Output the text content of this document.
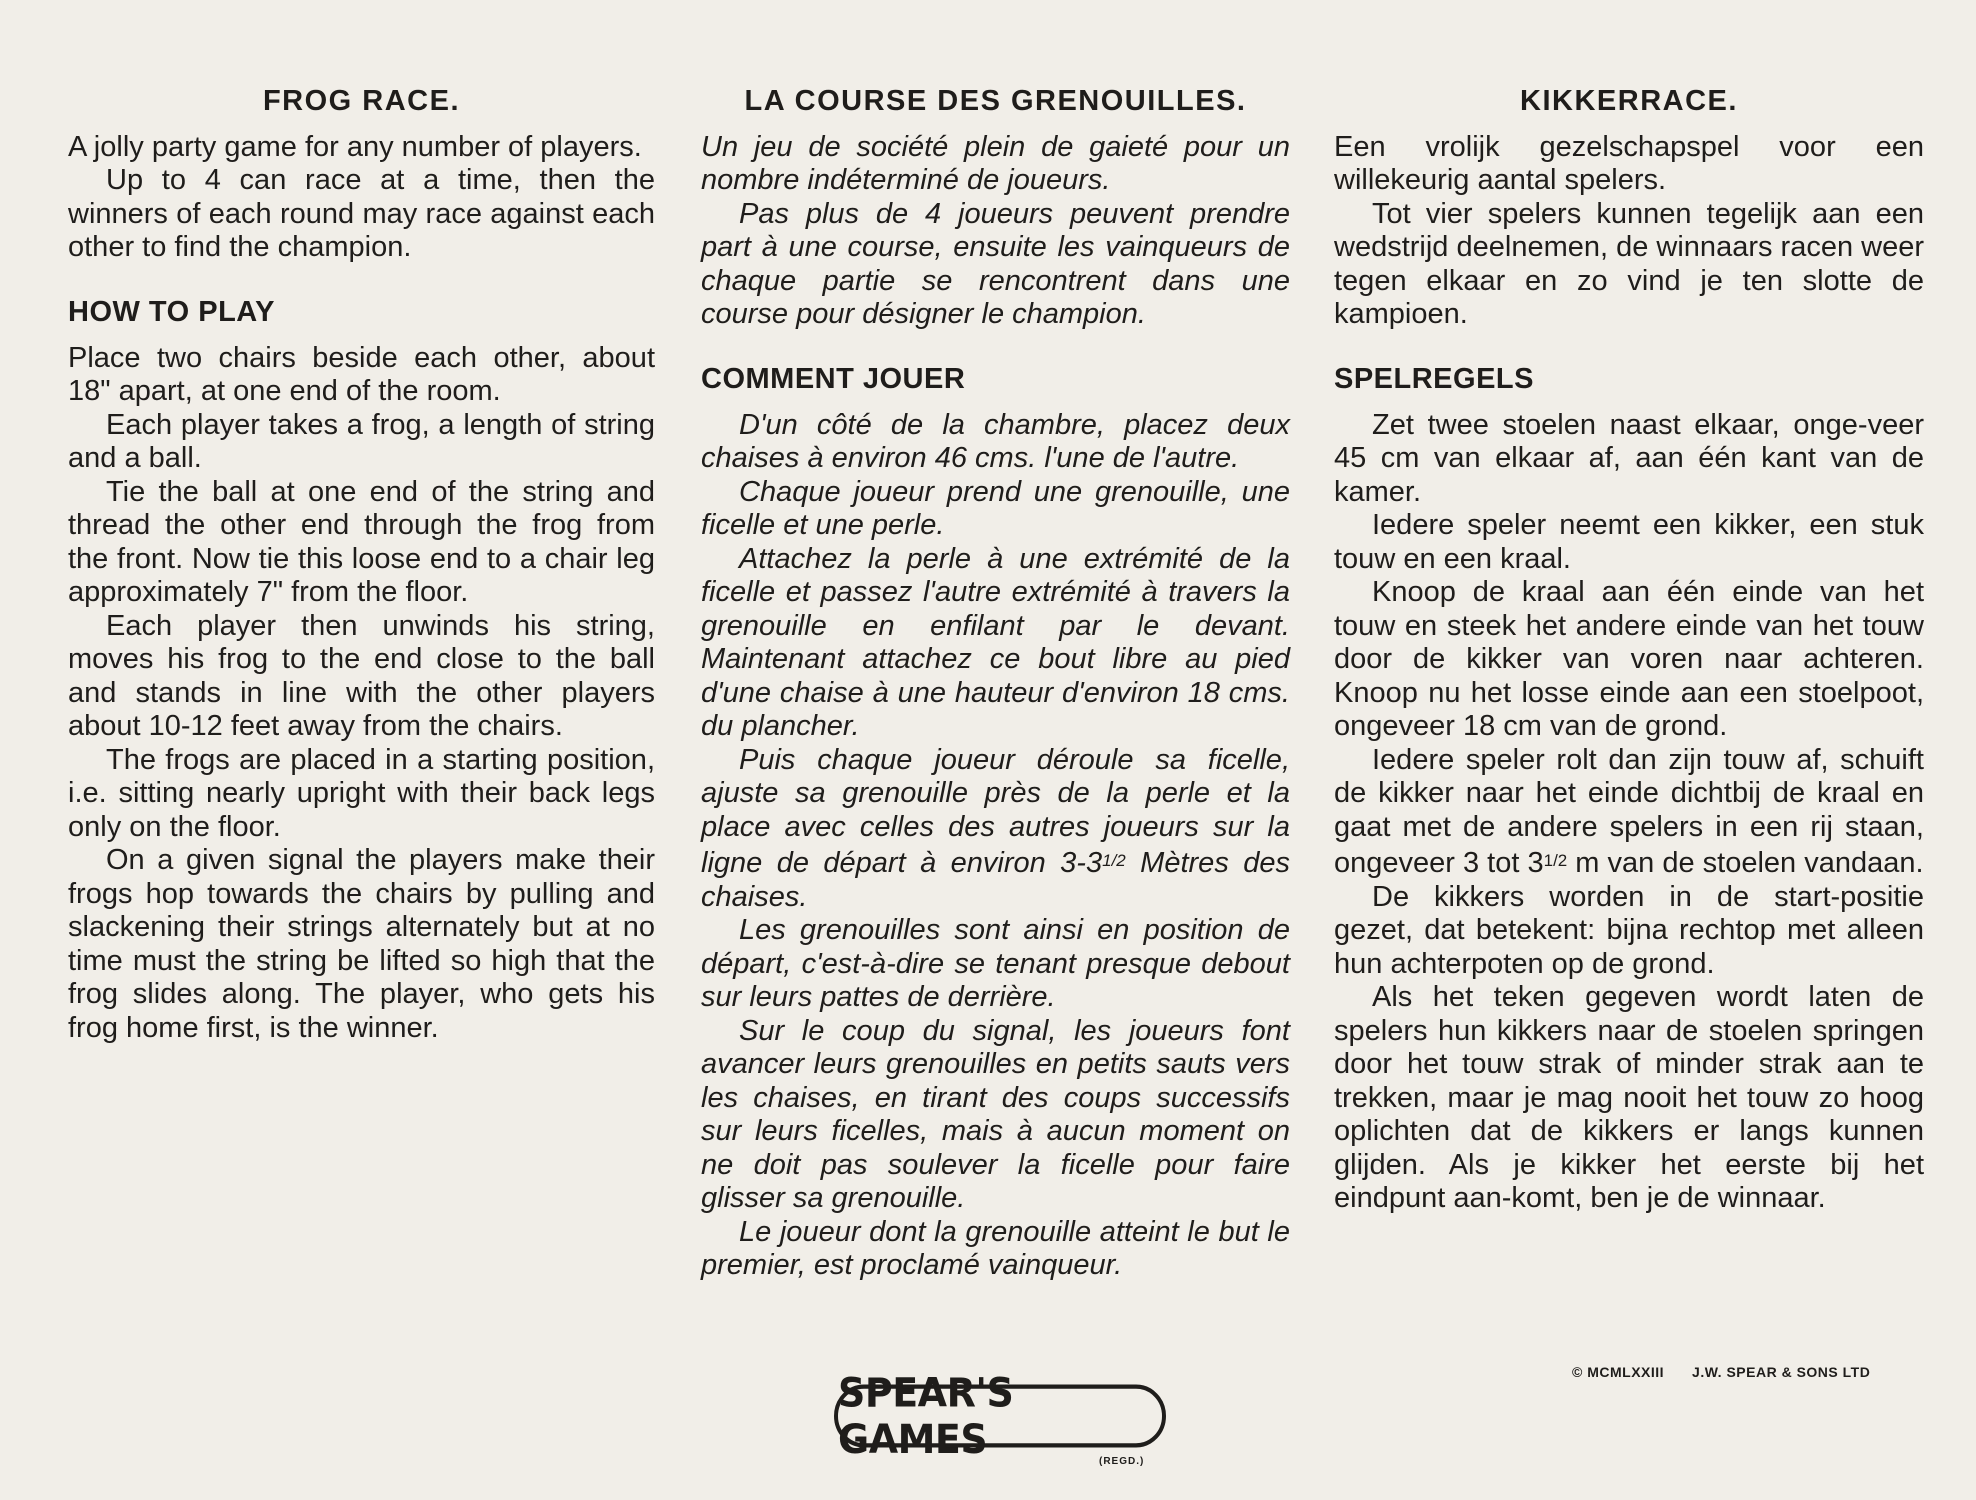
FROG RACE.

A jolly party game for any number of players.

Up to 4 can race at a time, then the winners of each round may race against each other to find the champion.

HOW TO PLAY

Place two chairs beside each other, about 18" apart, at one end of the room.

Each player takes a frog, a length of string and a ball.

Tie the ball at one end of the string and thread the other end through the frog from the front. Now tie this loose end to a chair leg approximately 7" from the floor.

Each player then unwinds his string, moves his frog to the end close to the ball and stands in line with the other players about 10-12 feet away from the chairs.

The frogs are placed in a starting position, i.e. sitting nearly upright with their back legs only on the floor.

On a given signal the players make their frogs hop towards the chairs by pulling and slackening their strings alternately but at no time must the string be lifted so high that the frog slides along. The player, who gets his frog home first, is the winner.

LA COURSE DES GRENOUILLES.

Un jeu de société plein de gaieté pour un nombre indéterminé de joueurs.

Pas plus de 4 joueurs peuvent prendre part à une course, ensuite les vainqueurs de chaque partie se rencontrent dans une course pour désigner le champion.

COMMENT JOUER

D'un côté de la chambre, placez deux chaises à environ 46 cms. l'une de l'autre.

Chaque joueur prend une grenouille, une ficelle et une perle.

Attachez la perle à une extrémité de la ficelle et passez l'autre extrémité à travers la grenouille en enfilant par le devant. Maintenant attachez ce bout libre au pied d'une chaise à une hauteur d'environ 18 cms. du plancher.

Puis chaque joueur déroule sa ficelle, ajuste sa grenouille près de la perle et la place avec celles des autres joueurs sur la ligne de départ à environ $3-3^{1/2}$ Mètres des chaises.

Les grenouilles sont ainsi en position de départ, c'est-à-dire se tenant presque debout sur leurs pattes de derrière.

Sur le coup du signal, les joueurs font avancer leurs grenouilles en petits sauts vers les chaises, en tirant des coups successifs sur leurs ficelles, mais à aucun moment on ne doit pas soulever la ficelle pour faire glisser sa grenouille.

Le joueur dont la grenouille atteint le but le premier, est proclamé vainqueur.

KIKKERRACE.

Een vrolijk gezelschapspel voor een willekeurig aantal spelers.

Tot vier spelers kunnen tegelijk aan een wedstrijd deelnemen, de winnaars racen weer tegen elkaar en zo vind je ten slotte de kampioen.

SPELREGELS

Zet twee stoelen naast elkaar, onge-veer 45 cm van elkaar af, aan één kant van de kamer.

Iedere speler neemt een kikker, een stuk touw en een kraal.

Knoop de kraal aan één einde van het touw en steek het andere einde van het touw door de kikker van voren naar achteren. Knoop nu het losse einde aan een stoelpoot, ongeveer 18 cm van de grond.

Iedere speler rolt dan zijn touw af, schuift de kikker naar het einde dichtbij de kraal en gaat met de andere spelers in een rij staan, ongeveer 3 tot $3^{1/2}$ m van de stoelen vandaan.

De kikkers worden in de start-positie gezet, dat betekent: bijna rechtop met alleen hun achterpoten op de grond.

Als het teken gegeven wordt laten de spelers hun kikkers naar de stoelen springen door het touw strak of minder strak aan te trekken, maar je mag nooit het touw zo hoog oplichten dat de kikkers er langs kunnen glijden. Als je kikker het eerste bij het eindpunt aan-komt, ben je de winnaar.

© MCMLXXIII J.W. SPEAR & SONS LTD
SPEAR'S GAMES	(REGD.)
